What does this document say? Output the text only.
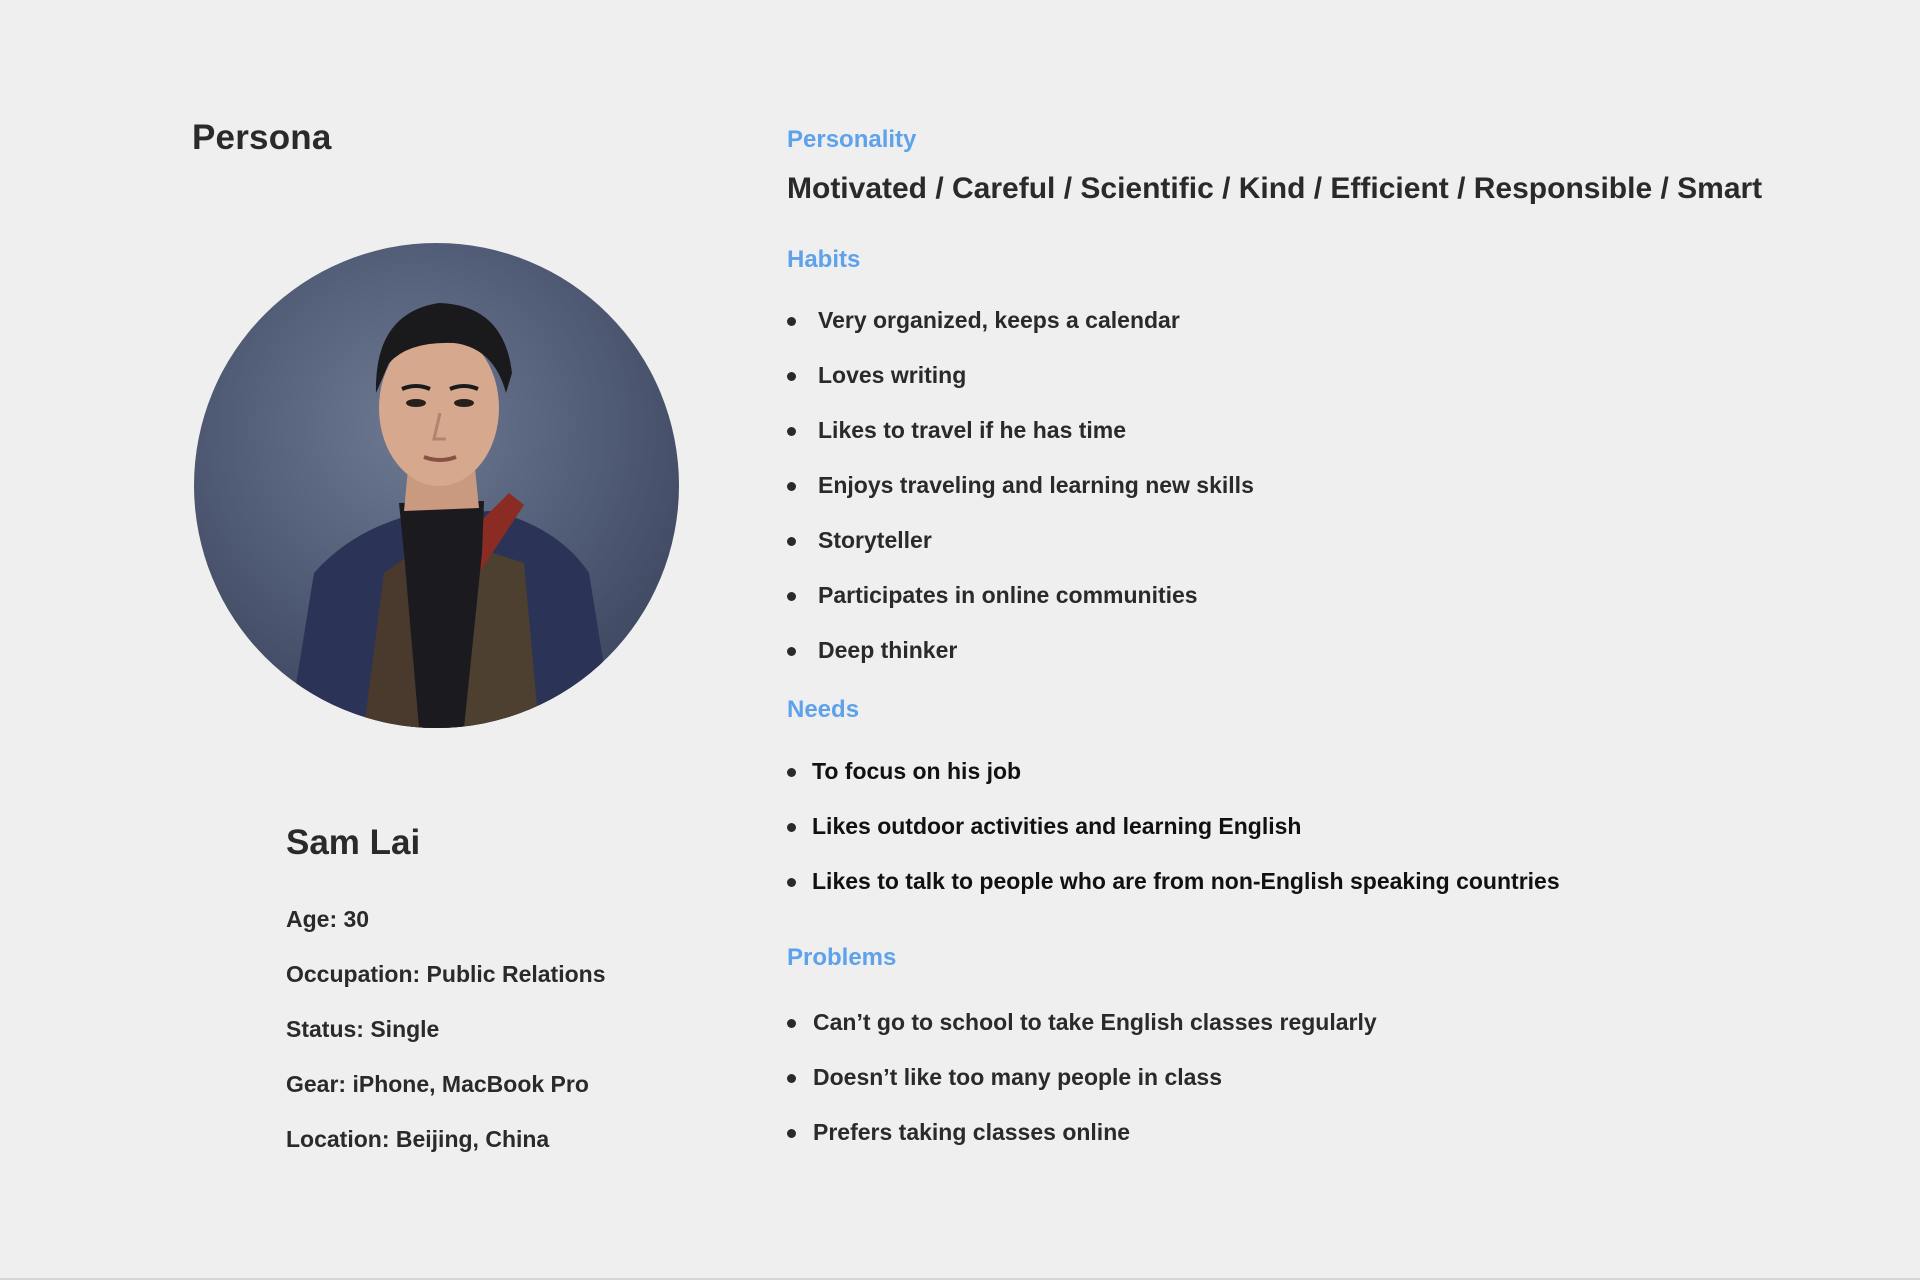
Persona
Sam Lai
Age: 30
Occupation: Public Relations
Status: Single
Gear: iPhone, MacBook Pro
Location: Beijing, China
Personality
Motivated / Careful / Scientific / Kind / Efficient / Responsible / Smart
Habits
Very organized, keeps a calendar
Loves writing
Likes to travel if he has time
Enjoys traveling and learning new skills
Storyteller
Participates in online communities
Deep thinker
Needs
To focus on his job
Likes outdoor activities and learning English
Likes to talk to people who are from non-English speaking countries
Problems
Can’t go to school to take English classes regularly
Doesn’t like too many people in class
Prefers taking classes online
